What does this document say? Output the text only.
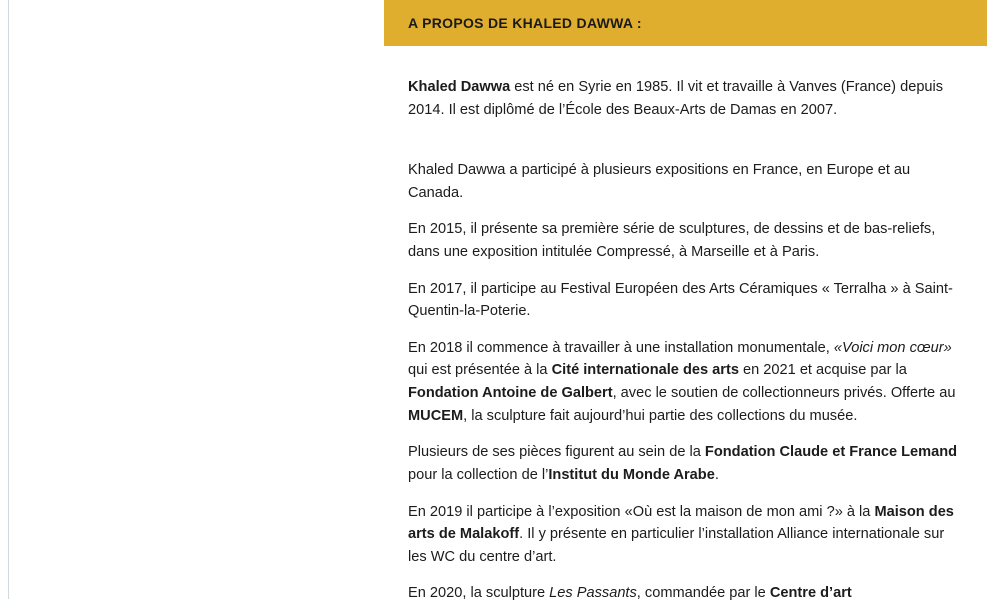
A PROPOS DE KHALED DAWWA :

Khaled Dawwa est né en Syrie en 1985. Il vit et travaille à Vanves (France) depuis 2014. Il est diplômé de l’École des Beaux-Arts de Damas en 2007.

Khaled Dawwa a participé à plusieurs expositions en France, en Europe et au Canada.

En 2015, il présente sa première série de sculptures, de dessins et de bas-reliefs, dans une exposition intitulée Compressé, à Marseille et à Paris.

En 2017, il participe au Festival Européen des Arts Céramiques « Terralha » à Saint-Quentin-la-Poterie.

En 2018 il commence à travailler à une installation monumentale, «Voici mon cœur» qui est présentée à la Cité internationale des arts en 2021 et acquise par la Fondation Antoine de Galbert, avec le soutien de collectionneurs privés. Offerte au MUCEM, la sculpture fait aujourd’hui partie des collections du musée.

Plusieurs de ses pièces figurent au sein de la Fondation Claude et France Lemand pour la collection de l’Institut du Monde Arabe.

En 2019 il participe à l’exposition «Où est la maison de mon ami ?» à la Maison des arts de Malakoff. Il y présente en particulier l’installation Alliance internationale sur les WC du centre d’art.

En 2020, la sculpture Les Passants, commandée par le Centre d’art
